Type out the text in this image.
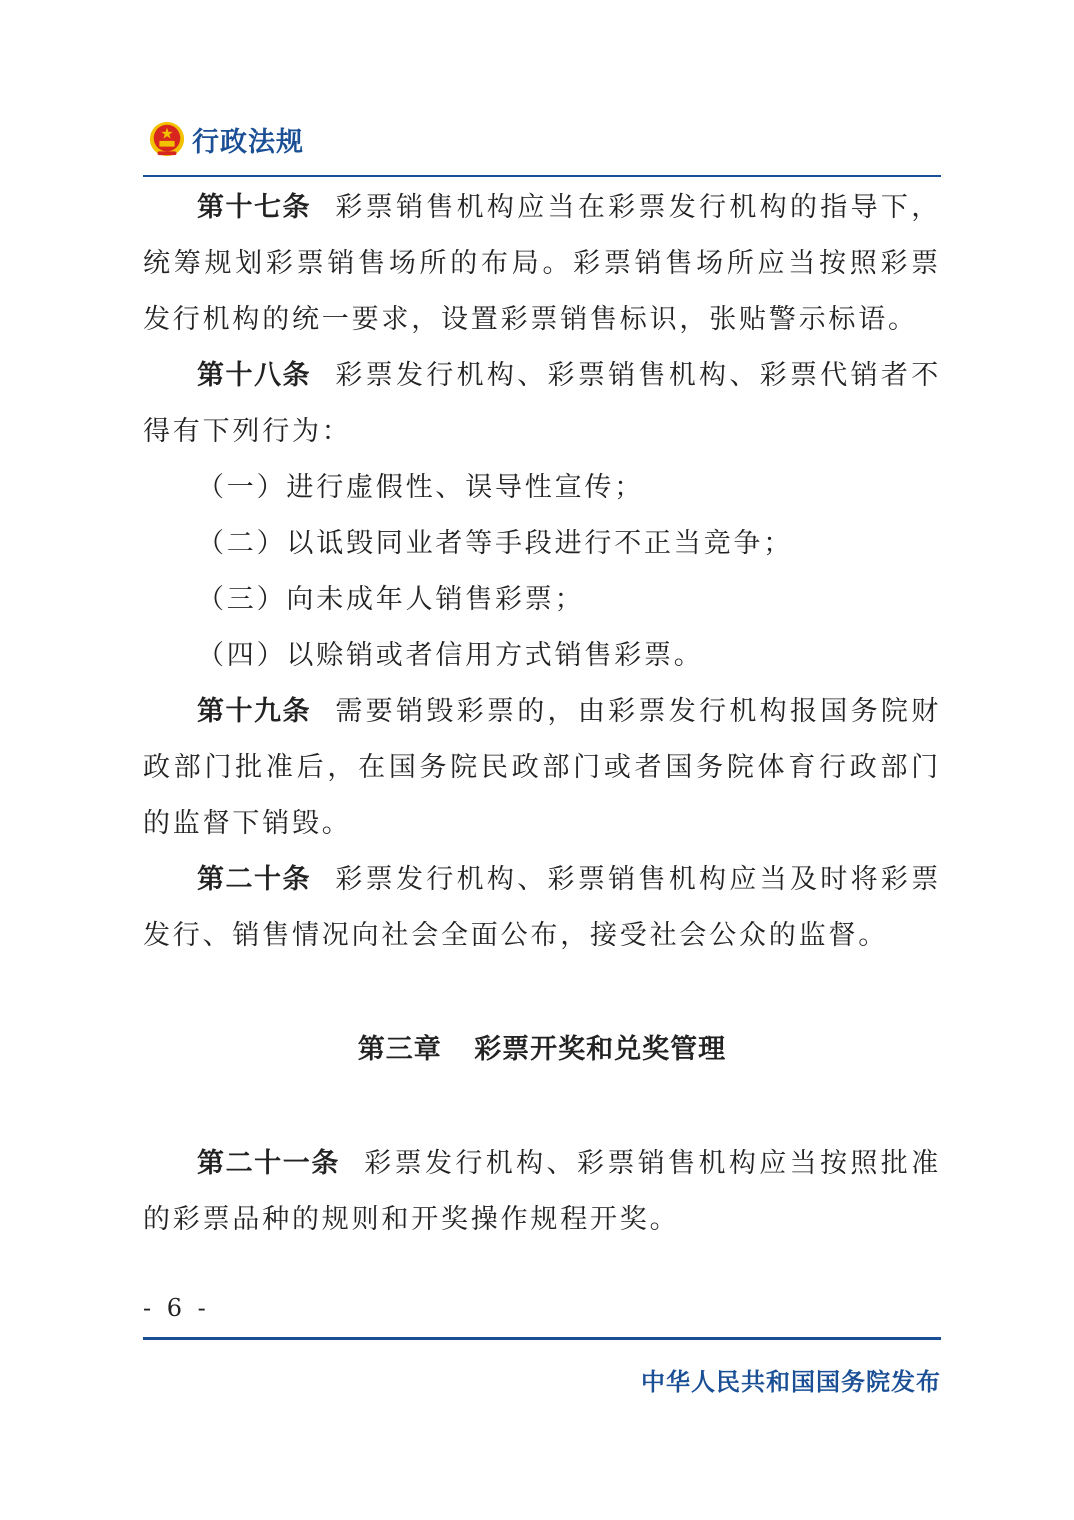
行政法规

第十七条 彩票销售机构应当在彩票发行机构的指导下，统筹规划彩票销售场所的布局。彩票销售场所应当按照彩票发行机构的统一要求，设置彩票销售标识，张贴警示标语。

第十八条 彩票发行机构、彩票销售机构、彩票代销者不得有下列行为：

（一）进行虚假性、误导性宣传；

（二）以诋毁同业者等手段进行不正当竞争；

（三）向未成年人销售彩票；

（四）以赊销或者信用方式销售彩票。

第十九条 需要销毁彩票的，由彩票发行机构报国务院财政部门批准后，在国务院民政部门或者国务院体育行政部门的监督下销毁。

第二十条 彩票发行机构、彩票销售机构应当及时将彩票发行、销售情况向社会全面公布，接受社会公众的监督。

第三章 彩票开奖和兑奖管理

第二十一条 彩票发行机构、彩票销售机构应当按照批准的彩票品种的规则和开奖操作规程开奖。

- 6 -
中华人民共和国国务院发布
